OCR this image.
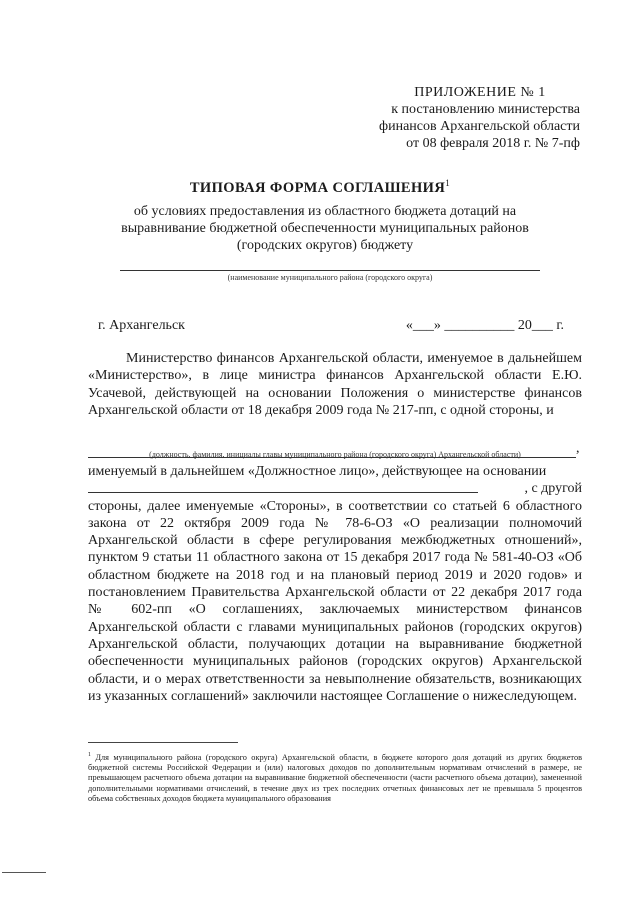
ПРИЛОЖЕНИЕ № 1
к постановлению министерства
финансов Архангельской области
от 08 февраля 2018 г. № 7-пф
ТИПОВАЯ ФОРМА СОГЛАШЕНИЯ$^1$
об условиях предоставления из областного бюджета дотаций на выравнивание бюджетной обеспеченности муниципальных районов (городских округов) бюджету
(наименование муниципального района (городского округа)
г. Архангельск	«___» __________ 20___ г.
Министерство финансов Архангельской области, именуемое в дальнейшем «Министерство», в лице министра финансов Архангельской области Е.Ю. Усачевой, действующей на основании Положения о министерстве финансов Архангельской области от 18 декабря 2009 года № 217-пп, с одной стороны, и
,
(должность, фамилия, инициалы главы муниципального района (городского округа) Архангельской области)
именуемый в дальнейшем «Должностное лицо», действующее на основании
, с другой
стороны, далее именуемые «Стороны», в соответствии со статьей 6 областного закона от 22 октября 2009 года № 78-6-ОЗ «О реализации полномочий Архангельской области в сфере регулирования межбюджетных отношений», пунктом 9 статьи 11 областного закона от 15 декабря 2017 года № 581-40-ОЗ «Об областном бюджете на 2018 год и на плановый период 2019 и 2020 годов» и постановлением Правительства Архангельской области от 22 декабря 2017 года № 602-пп «О соглашениях, заключаемых министерством финансов Архангельской области с главами муниципальных районов (городских округов) Архангельской области, получающих дотации на выравнивание бюджетной обеспеченности муниципальных районов (городских округов) Архангельской области, и о мерах ответственности за невыполнение обязательств, возникающих из указанных соглашений» заключили настоящее Соглашение о нижеследующем.
$^1$ Для муниципального района (городского округа) Архангельской области, в бюджете которого доля дотаций из других бюджетов бюджетной системы Российской Федерации и (или) налоговых доходов по дополнительным нормативам отчислений в размере, не превышающем расчетного объема дотации на выравнивание бюджетной обеспеченности (части расчетного объема дотации), замененной дополнительными нормативами отчислений, в течение двух из трех последних отчетных финансовых лет не превышала 5 процентов объема собственных доходов бюджета муниципального образования
